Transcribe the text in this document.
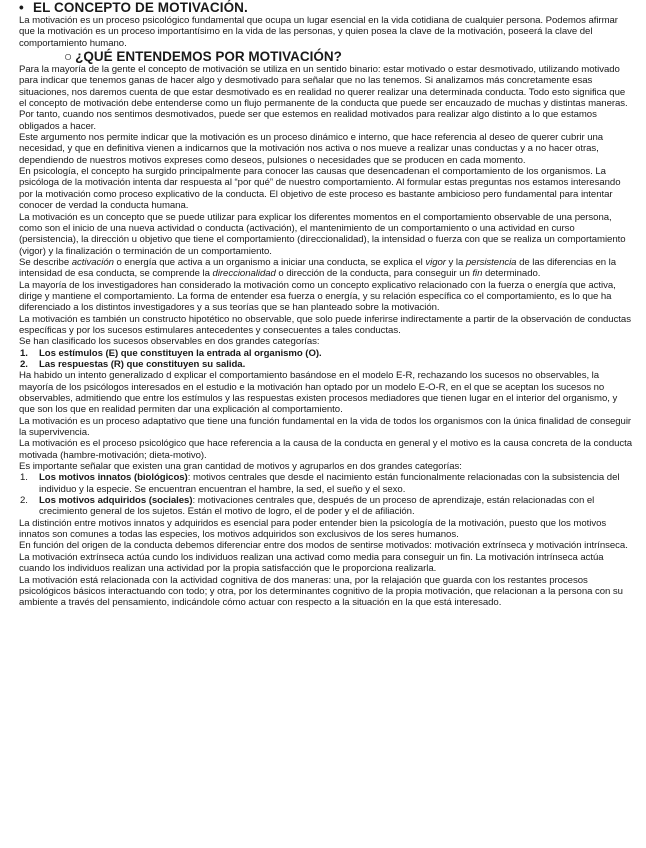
• EL CONCEPTO DE MOTIVACIÓN.

La motivación es un proceso psicológico fundamental que ocupa un lugar esencial en la vida cotidiana de cualquier persona. Podemos afirmar que la motivación es un proceso importantísimo en la vida de las personas, y quien posea la clave de la motivación, poseerá la clave del comportamiento humano.

○ ¿QUÉ ENTENDEMOS POR MOTIVACIÓN?

Para la mayoría de la gente el concepto de motivación se utiliza en un sentido binario: estar motivado o estar desmotivado, utilizando motivado para indicar que tenemos ganas de hacer algo y desmotivado para señalar que no las tenemos. Si analizamos más concretamente esas situaciones, nos daremos cuenta de que estar desmotivado es en realidad no querer realizar una determinada conducta. Todo esto significa que el concepto de motivación debe entenderse como un flujo permanente de la conducta que puede ser encauzado de muchas y distintas maneras. Por tanto, cuando nos sentimos desmotivados, puede ser que estemos en realidad motivados para realizar algo distinto a lo que estamos obligados a hacer.

Este argumento nos permite indicar que la motivación es un proceso dinámico e interno, que hace referencia al deseo de querer cubrir una necesidad, y que en definitiva vienen a indicarnos que la motivación nos activa o nos mueve a realizar unas conductas y a no hacer otras, dependiendo de nuestros motivos expreses como deseos, pulsiones o necesidades que se producen en cada momento.

En psicología, el concepto ha surgido principalmente para conocer las causas que desencadenan el comportamiento de los organismos. La psicóloga de la motivación intenta dar respuesta al “por qué” de nuestro comportamiento. Al formular estas preguntas nos estamos interesando por la motivación como proceso explicativo de la conducta. El objetivo de este proceso es bastante ambicioso pero fundamental para intentar conocer de verdad la conducta humana.

La motivación es un concepto que se puede utilizar para explicar los diferentes momentos en el comportamiento observable de una persona, como son el inicio de una nueva actividad o conducta (activación), el mantenimiento de un comportamiento o una actividad en curso (persistencia), la dirección u objetivo que tiene el comportamiento (direccionalidad), la intensidad o fuerza con que se realiza un comportamiento (vigor) y la finalización o terminación de un comportamiento.

Se describe activación o energía que activa a un organismo a iniciar una conducta, se explica el vigor y la persistencia de las diferencias en la intensidad de esa conducta, se comprende la direccionalidad o dirección de la conducta, para conseguir un fin determinado.

La mayoría de los investigadores han considerado la motivación como un concepto explicativo relacionado con la fuerza o energía que activa, dirige y mantiene el comportamiento. La forma de entender esa fuerza o energía, y su relación específica co el comportamiento, es lo que ha diferenciado a los distintos investigadores y a sus teorías que se han planteado sobre la motivación.

La motivación es también un constructo hipotético no observable, que solo puede inferirse indirectamente a partir de la observación de conductas específicas y por los sucesos estimulares antecedentes y consecuentes a tales conductas.

Se han clasificado los sucesos observables en dos grandes categorías:

1. Los estímulos (E) que constituyen la entrada al organismo (O).
2. Las respuestas (R) que constituyen su salida.

Ha habido un intento generalizado d explicar el comportamiento basándose en el modelo E-R, rechazando los sucesos no observables, la mayoría de los psicólogos interesados en el estudio e la motivación han optado por un modelo E-O-R, en el que se aceptan los sucesos no observables, admitiendo que entre los estímulos y las respuestas existen procesos mediadores que tienen lugar en el interior del organismo, y que son los que en realidad permiten dar una explicación al comportamiento.

La motivación es un proceso adaptativo que tiene una función fundamental en la vida de todos los organismos con la única finalidad de conseguir la supervivencia.

La motivación es el proceso psicológico que hace referencia a la causa de la conducta en general y el motivo es la causa concreta de la conducta motivada (hambre-motivación; dieta-motivo).

Es importante señalar que existen una gran cantidad de motivos y agruparlos en dos grandes categorías:

1. Los motivos innatos (biológicos): motivos centrales que desde el nacimiento están funcionalmente relacionadas con la subsistencia del individuo y la especie. Se encuentran encuentran el hambre, la sed, el sueño y el sexo.
2. Los motivos adquiridos (sociales): motivaciones centrales que, después de un proceso de aprendizaje, están relacionadas con el crecimiento general de los sujetos. Están el motivo de logro, el de poder y el de afiliación.

La distinción entre motivos innatos y adquiridos es esencial para poder entender bien la psicología de la motivación, puesto que los motivos innatos son comunes a todas las especies, los motivos adquiridos son exclusivos de los seres humanos.

En función del origen de la conducta debemos diferenciar entre dos modos de sentirse motivados: motivación extrínseca y motivación intrínseca. La motivación extrínseca actúa cundo los individuos realizan una activad como media para conseguir un fin. La motivación intrínseca actúa cuando los individuos realizan una actividad por la propia satisfacción que le proporciona realizarla.

La motivación está relacionada con la actividad cognitiva de dos maneras: una, por la relajación que guarda con los restantes procesos psicológicos básicos interactuando con todo; y otra, por los determinantes cognitivo de la propia motivación, que relacionan a la persona con su ambiente a través del pensamiento, indicándole cómo actuar con respecto a la situación en la que está interesado.
